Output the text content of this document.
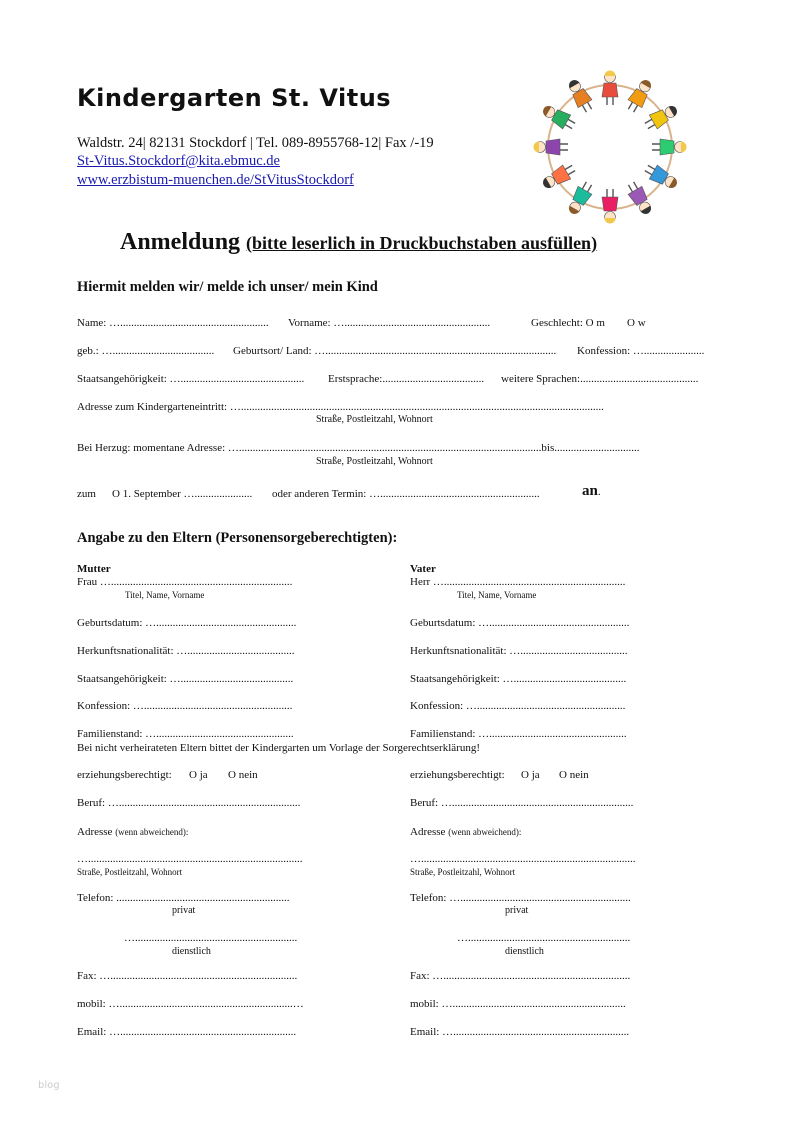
Kindergarten St. Vitus
Waldstr. 24| 82131 Stockdorf | Tel. 089-8955768-12| Fax /-19
St-Vitus.Stockdorf@kita.ebmuc.de
www.erzbistum-muenchen.de/StVitusStockdorf
Anmeldung (bitte leserlich in Druckbuchstaben ausfüllen)
Hiermit melden wir/ melde ich unser/ mein Kind
Name: …...................................................... Vorname: ….....................................................	Geschlecht: O m O w
geb.: …..................................... Geburtsort/ Land: ….................................................................................... Konfession: …......................
Staatsangehörigkeit: …............................................. Erstsprache:..................................... weitere Sprachen:...........................................
Adresse zum Kindergarteneintritt: …....................................................................................................................................
Straße, Postleitzahl, Wohnort
Bei Herzug: momentane Adresse: …..............................................................................................................bis...............................
Straße, Postleitzahl, Wohnort
zum O 1. September …..................... oder anderen Termin: …..........................................................	an.
Angabe zu den Eltern (Personensorgeberechtigten):
Mutter
Frau …..................................................................
Titel, Name, Vorname
Geburtsdatum: …...................................................
Herkunftsnationalität: ….......................................
Staatsangehörigkeit: ….........................................
Konfession: …......................................................
Familienstand: …..................................................
Bei nicht verheirateten Eltern bittet der Kindergarten um Vorlage der Sorgerechtserklärung!
erziehungsberechtigt: O ja O nein
Beruf: …..................................................................
Adresse (wenn abweichend):
…..............................................................................
Straße, Postleitzahl, Wohnort
Telefon: ...............................................................
privat
…...........................................................
dienstlich
Fax: …....................................................................
mobil: …...............................................................…
Email: …................................................................
Vater
Herr …..................................................................
Titel, Name, Vorname
Geburtsdatum: …...................................................
Herkunftsnationalität: ….......................................
Staatsangehörigkeit: ….........................................
Konfession: …......................................................
Familienstand: …..................................................
erziehungsberechtigt: O ja O nein
Beruf: …..................................................................
Adresse (wenn abweichend):
…..............................................................................
Straße, Postleitzahl, Wohnort
Telefon: …..............................................................
privat
…...........................................................
dienstlich
Fax: …....................................................................
mobil: …...............................................................
Email: …................................................................
blog
